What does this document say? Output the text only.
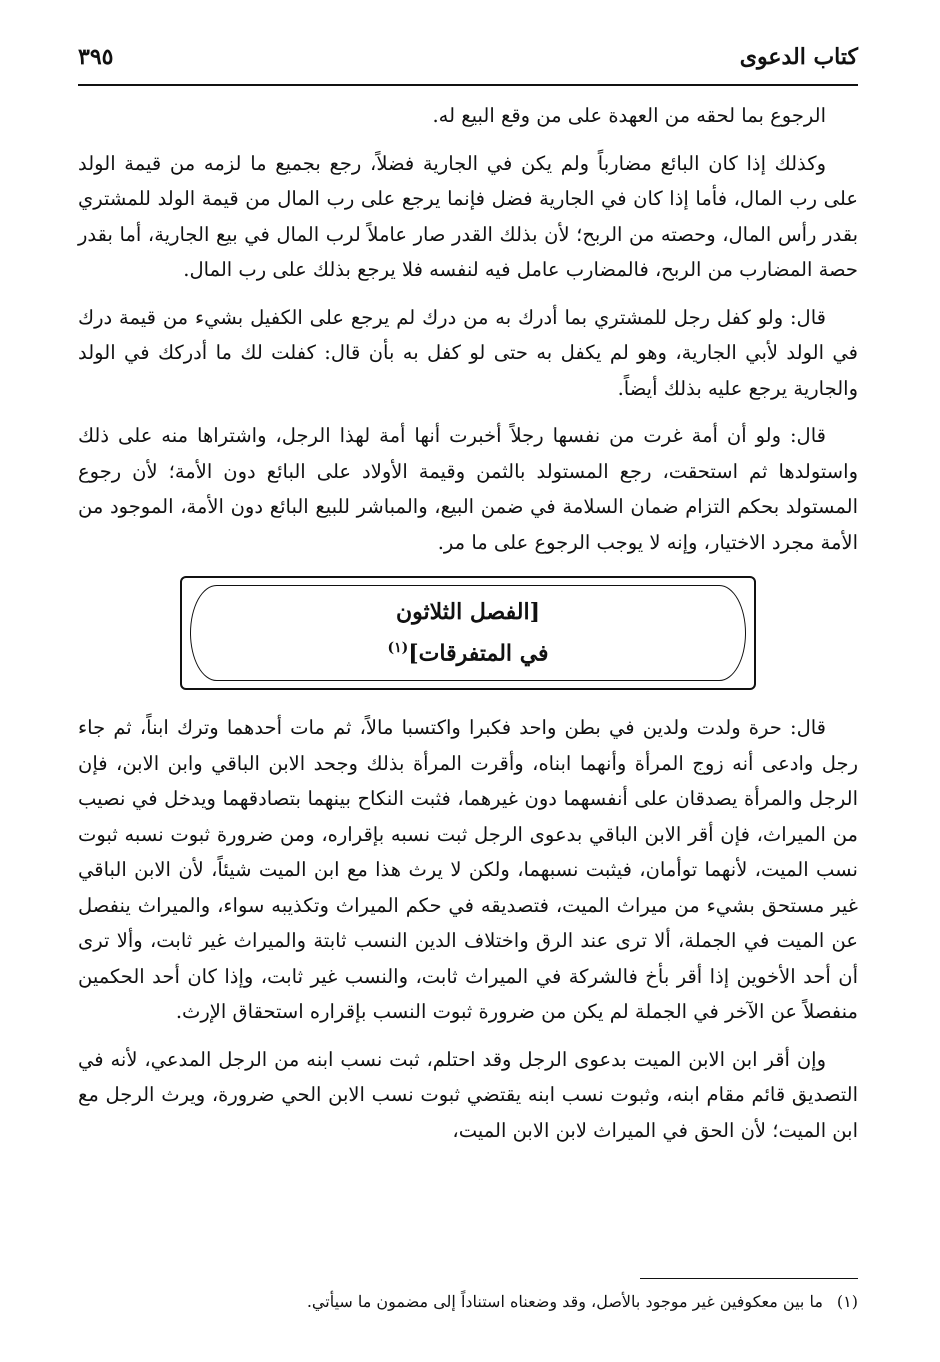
كتاب الدعوى
٣٩٥

الرجوع بما لحقه من العهدة على من وقع البيع له.

وكذلك إذا كان البائع مضارباً ولم يكن في الجارية فضلاً، رجع بجميع ما لزمه من قيمة الولد على رب المال، فأما إذا كان في الجارية فضل فإنما يرجع على رب المال من قيمة الولد للمشتري بقدر رأس المال، وحصته من الربح؛ لأن بذلك القدر صار عاملاً لرب المال في بيع الجارية، أما بقدر حصة المضارب من الربح، فالمضارب عامل فيه لنفسه فلا يرجع بذلك على رب المال.

قال: ولو كفل رجل للمشتري بما أدرك به من درك لم يرجع على الكفيل بشيء من قيمة درك في الولد لأبي الجارية، وهو لم يكفل به حتى لو كفل به بأن قال: كفلت لك ما أدركك في الولد والجارية يرجع عليه بذلك أيضاً.

قال: ولو أن أمة غرت من نفسها رجلاً أخبرت أنها أمة لهذا الرجل، واشتراها منه على ذلك واستولدها ثم استحقت، رجع المستولد بالثمن وقيمة الأولاد على البائع دون الأمة؛ لأن رجوع المستولد بحكم التزام ضمان السلامة في ضمن البيع، والمباشر للبيع البائع دون الأمة، الموجود من الأمة مجرد الاختيار، وإنه لا يوجب الرجوع على ما مر.

[الفصل الثلاثون
في المتفرقات]$^{(١)}$

قال: حرة ولدت ولدين في بطن واحد فكبرا واكتسبا مالاً، ثم مات أحدهما وترك ابناً، ثم جاء رجل وادعى أنه زوج المرأة وأنهما ابناه، وأقرت المرأة بذلك وجحد الابن الباقي وابن الابن، فإن الرجل والمرأة يصدقان على أنفسهما دون غيرهما، فثبت النكاح بينهما بتصادقهما ويدخل في نصيب من الميراث، فإن أقر الابن الباقي بدعوى الرجل ثبت نسبه بإقراره، ومن ضرورة ثبوت نسبه ثبوت نسب الميت، لأنهما توأمان، فيثبت نسبهما، ولكن لا يرث هذا مع ابن الميت شيئاً، لأن الابن الباقي غير مستحق بشيء من ميراث الميت، فتصديقه في حكم الميراث وتكذيبه سواء، والميراث ينفصل عن الميت في الجملة، ألا ترى عند الرق واختلاف الدين النسب ثابتة والميراث غير ثابت، وألا ترى أن أحد الأخوين إذا أقر بأخ فالشركة في الميراث ثابت، والنسب غير ثابت، وإذا كان أحد الحكمين منفصلاً عن الآخر في الجملة لم يكن من ضرورة ثبوت النسب بإقراره استحقاق الإرث.

وإن أقر ابن الابن الميت بدعوى الرجل وقد احتلم، ثبت نسب ابنه من الرجل المدعي، لأنه في التصديق قائم مقام ابنه، وثبوت نسب ابنه يقتضي ثبوت نسب الابن الحي ضرورة، ويرث الرجل مع ابن الميت؛ لأن الحق في الميراث لابن الابن الميت،

(١)ما بين معكوفين غير موجود بالأصل، وقد وضعناه استناداً إلى مضمون ما سيأتي.
